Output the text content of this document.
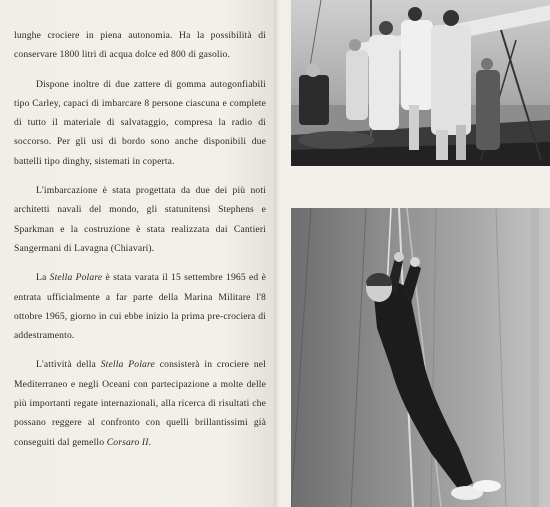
lunghe crociere in piena autonomia. Ha la possibilità di conservare 1800 litri di acqua dolce ed 800 di gasolio.

Dispone inoltre di due zattere di gomma autogonfiabili tipo Carley, capaci di imbarcare 8 persone ciascuna e complete di tutto il materiale di salvataggio, compresa la radio di soccorso. Per gli usi di bordo sono anche disponibili due battelli tipo dinghy, sistemati in coperta.

L'imbarcazione è stata progettata da due dei più noti architetti navali del mondo, gli statunitensi Stephens e Sparkman e la costruzione è stata realizzata dai Cantieri Sangermani di Lavagna (Chiavari).

La Stella Polare è stata varata il 15 settembre 1965 ed è entrata ufficialmente a far parte della Marina Militare l'8 ottobre 1965, giorno in cui ebbe inizio la prima pre-crociera di addestramento.

L'attività della Stella Polare consisterà in crociere nel Mediterraneo e negli Oceani con partecipazione a molte delle più importanti regate internazionali, alla ricerca di risultati che possano reggere al confronto con quelli brillantissimi già conseguiti dal gemello Corsaro II.
